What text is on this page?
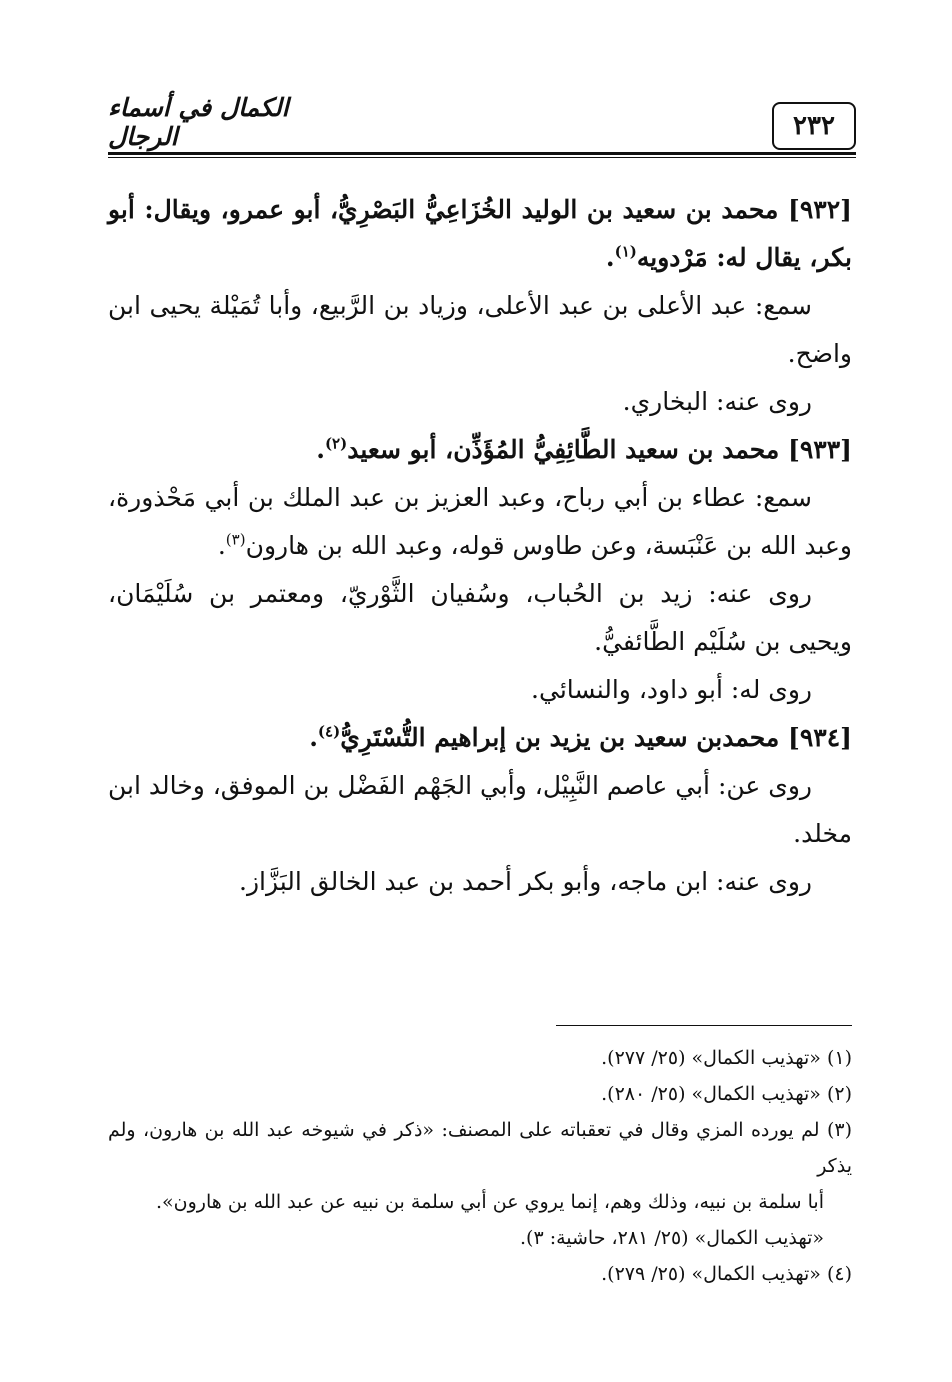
الكمال في أسماء الرجال	٢٣٢

[٩٣٢] محمد بن سعيد بن الوليد الخُزَاعِيُّ البَصْرِيُّ، أبو عمرو، ويقال: أبو بكر، يقال له: مَرْدويه$^{(١)}$.

سمع: عبد الأعلى بن عبد الأعلى، وزياد بن الرَّبيع، وأبا تُمَيْلة يحيى ابن واضح.

روى عنه: البخاري.

[٩٣٣] محمد بن سعيد الطَّائِفِيُّ المُؤَذِّن، أبو سعيد$^{(٢)}$.

سمع: عطاء بن أبي رباح، وعبد العزيز بن عبد الملك بن أبي مَحْذورة، وعبد الله بن عَنْبَسة، وعن طاوس قوله، وعبد الله بن هارون$^{(٣)}$.

روى عنه: زيد بن الحُباب، وسُفيان الثَّوْريّ، ومعتمر بن سُلَيْمَان، ويحيى بن سُلَيْم الطَّائفيُّ.

روى له: أبو داود، والنسائي.

[٩٣٤] محمدبن سعيد بن يزيد بن إبراهيم التُّسْتَرِيُّ$^{(٤)}$.

روى عن: أبي عاصم النَّبِيْل، وأبي الجَهْم الفَضْل بن الموفق، وخالد ابن مخلد.

روى عنه: ابن ماجه، وأبو بكر أحمد بن عبد الخالق البَزَّاز.

(١) «تهذيب الكمال» (٢٥/ ٢٧٧).

(٢) «تهذيب الكمال» (٢٥/ ٢٨٠).

(٣) لم يورده المزي وقال في تعقباته على المصنف: «ذكر في شيوخه عبد الله بن هارون، ولم يذكر

أبا سلمة بن نبيه، وذلك وهم، إنما يروي عن أبي سلمة بن نبيه عن عبد الله بن هارون».

«تهذيب الكمال» (٢٥/ ٢٨١، حاشية: ٣).

(٤) «تهذيب الكمال» (٢٥/ ٢٧٩).
